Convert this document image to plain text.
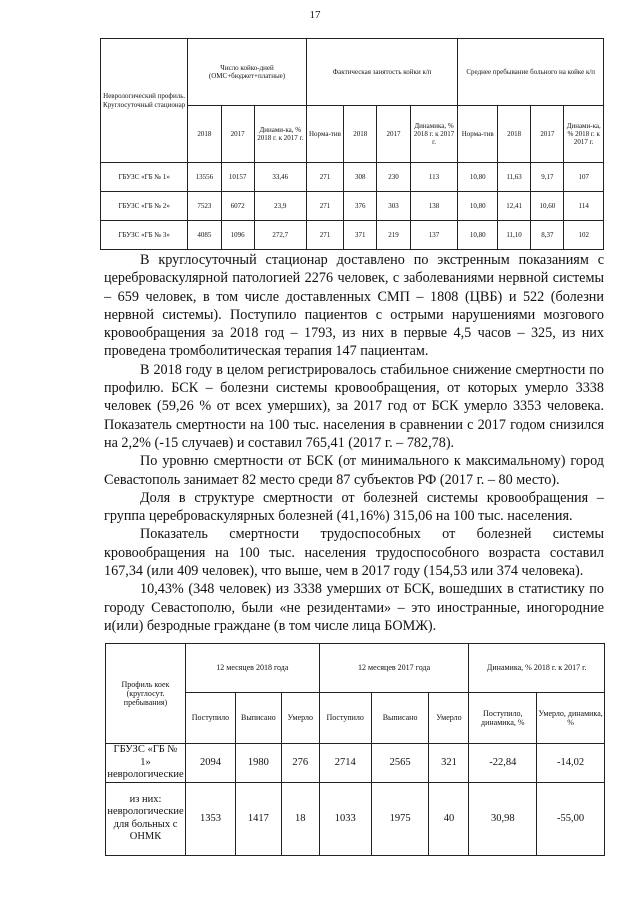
17
Неврологический профиль. Круглосуточный стационар	Число койко-дней (ОМС+бюджет+платные)			Фактическая занятость койки к/п				Среднее пребывание больного на койке к/п			
	2018	2017	Динами-ка, % 2018 г. к 2017 г.	Норма-тив	2018	2017	Динамика, % 2018 г. к 2017 г.	Норма-тив	2018	2017	Динами-ка, % 2018 г. к 2017 г.
ГБУЗС «ГБ № 1»	13556	10157	33,46	271	308	230	113	10,80	11,63	9,17	107
ГБУЗС «ГБ № 2»	7523	6072	23,9	271	376	303	138	10,80	12,41	10,60	114
ГБУЗС «ГБ № 3»	4085	1096	272,7	271	371	219	137	10,80	11,10	8,37	102

В круглосуточный стационар доставлено по экстренным показаниям с цереброваскулярной патологией 2276 человек, с заболеваниями нервной системы – 659 человек, в том числе доставленных СМП – 1808 (ЦВБ) и 522 (болезни нервной системы). Поступило пациентов с острыми нарушениями мозгового кровообращения за 2018 год – 1793, из них в первые 4,5 часов – 325, из них проведена тромболитическая терапия 147 пациентам.

В 2018 году в целом регистрировалось стабильное снижение смертности по профилю. БСК – болезни системы кровообращения, от которых умерло 3338 человек (59,26 % от всех умерших), за 2017 год от БСК умерло 3353 человека. Показатель смертности на 100 тыс. населения в сравнении с 2017 годом снизился на 2,2% (-15 случаев) и составил 765,41 (2017 г. – 782,78).

По уровню смертности от БСК (от минимального к максимальному) город Севастополь занимает 82 место среди 87 субъектов РФ (2017 г. – 80 место).

Доля в структуре смертности от болезней системы кровообращения – группа цереброваскулярных болезней (41,16%) 315,06 на 100 тыс. населения.

Показатель смертности трудоспособных от болезней системы кровообращения на 100 тыс. населения трудоспособного возраста составил 167,34 (или 409 человек), что выше, чем в 2017 году (154,53 или 374 человека).

10,43% (348 человек) из 3338 умерших от БСК, вошедших в статистику по городу Севастополю, были «не резидентами» – это иностранные, иногородние и(или) безродные граждане (в том числе лица БОМЖ).

Профиль коек (круглосут. пребывания)	12 месяцев 2018 года			12 месяцев 2017 года			Динамика, % 2018 г. к 2017 г.	
	Поступило	Выписано	Умерло	Поступило	Выписано	Умерло	Поступило, динамика, %	Умерло, динамика, %
ГБУЗС «ГБ № 1» неврологические	2094	1980	276	2714	2565	321	-22,84	-14,02
из них: неврологические для больных с ОНМК	1353	1417	18	1033	1975	40	30,98	-55,00
